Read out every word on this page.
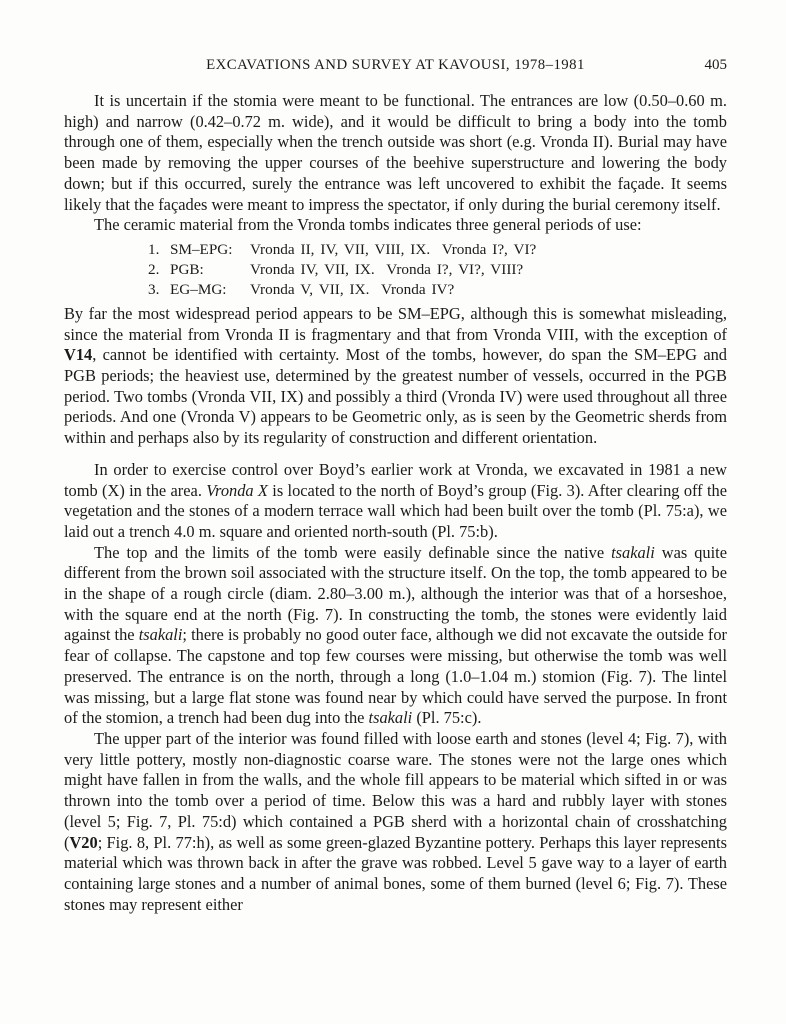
EXCAVATIONS AND SURVEY AT KAVOUSI, 1978–1981	405

It is uncertain if the stomia were meant to be functional. The entrances are low (0.50–0.60 m. high) and narrow (0.42–0.72 m. wide), and it would be difficult to bring a body into the tomb through one of them, especially when the trench outside was short (e.g. Vronda II). Burial may have been made by removing the upper courses of the beehive superstructure and lowering the body down; but if this occurred, surely the entrance was left uncovered to exhibit the façade. It seems likely that the façades were meant to impress the spectator, if only during the burial ceremony itself.

The ceramic material from the Vronda tombs indicates three general periods of use:

1. SM–EPG:	Vronda II, IV, VII, VIII, IX.  Vronda I?, VI?
2. PGB:	Vronda IV, VII, IX.  Vronda I?, VI?, VIII?
3. EG–MG:	Vronda V, VII, IX.  Vronda IV?

By far the most widespread period appears to be SM–EPG, although this is somewhat misleading, since the material from Vronda II is fragmentary and that from Vronda VIII, with the exception of V14, cannot be identified with certainty. Most of the tombs, however, do span the SM–EPG and PGB periods; the heaviest use, determined by the greatest number of vessels, occurred in the PGB period. Two tombs (Vronda VII, IX) and possibly a third (Vronda IV) were used throughout all three periods. And one (Vronda V) appears to be Geometric only, as is seen by the Geometric sherds from within and perhaps also by its regularity of construction and different orientation.

In order to exercise control over Boyd’s earlier work at Vronda, we excavated in 1981 a new tomb (X) in the area. Vronda X is located to the north of Boyd’s group (Fig. 3). After clearing off the vegetation and the stones of a modern terrace wall which had been built over the tomb (Pl. 75:a), we laid out a trench 4.0 m. square and oriented north-south (Pl. 75:b).

The top and the limits of the tomb were easily definable since the native tsakali was quite different from the brown soil associated with the structure itself. On the top, the tomb appeared to be in the shape of a rough circle (diam. 2.80–3.00 m.), although the interior was that of a horseshoe, with the square end at the north (Fig. 7). In constructing the tomb, the stones were evidently laid against the tsakali; there is probably no good outer face, although we did not excavate the outside for fear of collapse. The capstone and top few courses were missing, but otherwise the tomb was well preserved. The entrance is on the north, through a long (1.0–1.04 m.) stomion (Fig. 7). The lintel was missing, but a large flat stone was found near by which could have served the purpose. In front of the stomion, a trench had been dug into the tsakali (Pl. 75:c).

The upper part of the interior was found filled with loose earth and stones (level 4; Fig. 7), with very little pottery, mostly non-diagnostic coarse ware. The stones were not the large ones which might have fallen in from the walls, and the whole fill appears to be material which sifted in or was thrown into the tomb over a period of time. Below this was a hard and rubbly layer with stones (level 5; Fig. 7, Pl. 75:d) which contained a PGB sherd with a horizontal chain of crosshatching (V20; Fig. 8, Pl. 77:h), as well as some green-glazed Byzantine pottery. Perhaps this layer represents material which was thrown back in after the grave was robbed. Level 5 gave way to a layer of earth containing large stones and a number of animal bones, some of them burned (level 6; Fig. 7). These stones may represent either
